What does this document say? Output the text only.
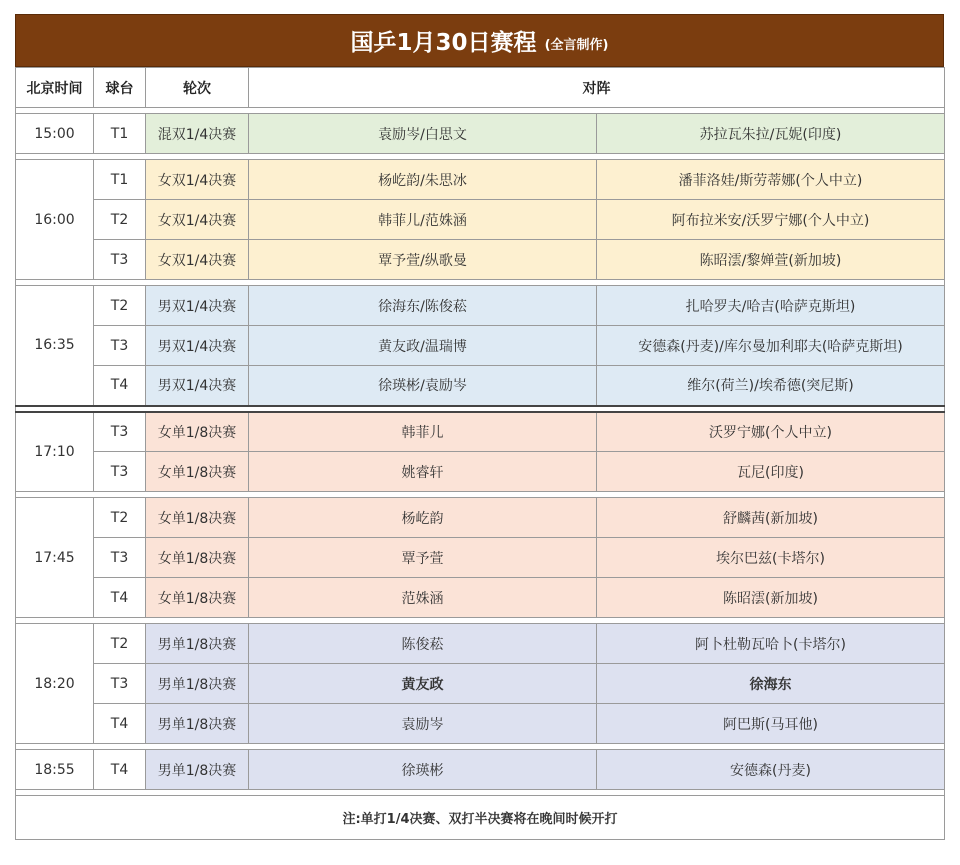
国乒1月30日赛程 (全言制作)
北京时间	球台	轮次	对阵	

15:00	T1	混双1/4决赛	袁励岑/白思文	苏拉瓦朱拉/瓦妮(印度)

16:00	T1	女双1/4决赛	杨屹韵/朱思冰	潘菲洛娃/斯劳蒂娜(个人中立)
	T2	女双1/4决赛	韩菲儿/范姝涵	阿布拉米安/沃罗宁娜(个人中立)
	T3	女双1/4决赛	覃予萱/纵歌曼	陈昭澐/黎婵萱(新加坡)

16:35	T2	男双1/4决赛	徐海东/陈俊菘	扎哈罗夫/哈吉(哈萨克斯坦)
	T3	男双1/4决赛	黄友政/温瑞博	安德森(丹麦)/库尔曼加利耶夫(哈萨克斯坦)
	T4	男双1/4决赛	徐瑛彬/袁励岑	维尔(荷兰)/埃希德(突尼斯)

17:10	T3	女单1/8决赛	韩菲儿	沃罗宁娜(个人中立)
	T3	女单1/8决赛	姚睿轩	瓦尼(印度)

17:45	T2	女单1/8决赛	杨屹韵	舒麟茜(新加坡)
	T3	女单1/8决赛	覃予萱	埃尔巴兹(卡塔尔)
	T4	女单1/8决赛	范姝涵	陈昭澐(新加坡)

18:20	T2	男单1/8决赛	陈俊菘	阿卜杜勒瓦哈卜(卡塔尔)
	T3	男单1/8决赛	黄友政	徐海东
	T4	男单1/8决赛	袁励岑	阿巴斯(马耳他)

18:55	T4	男单1/8决赛	徐瑛彬	安德森(丹麦)

注:单打1/4决赛、双打半决赛将在晚间时候开打				
